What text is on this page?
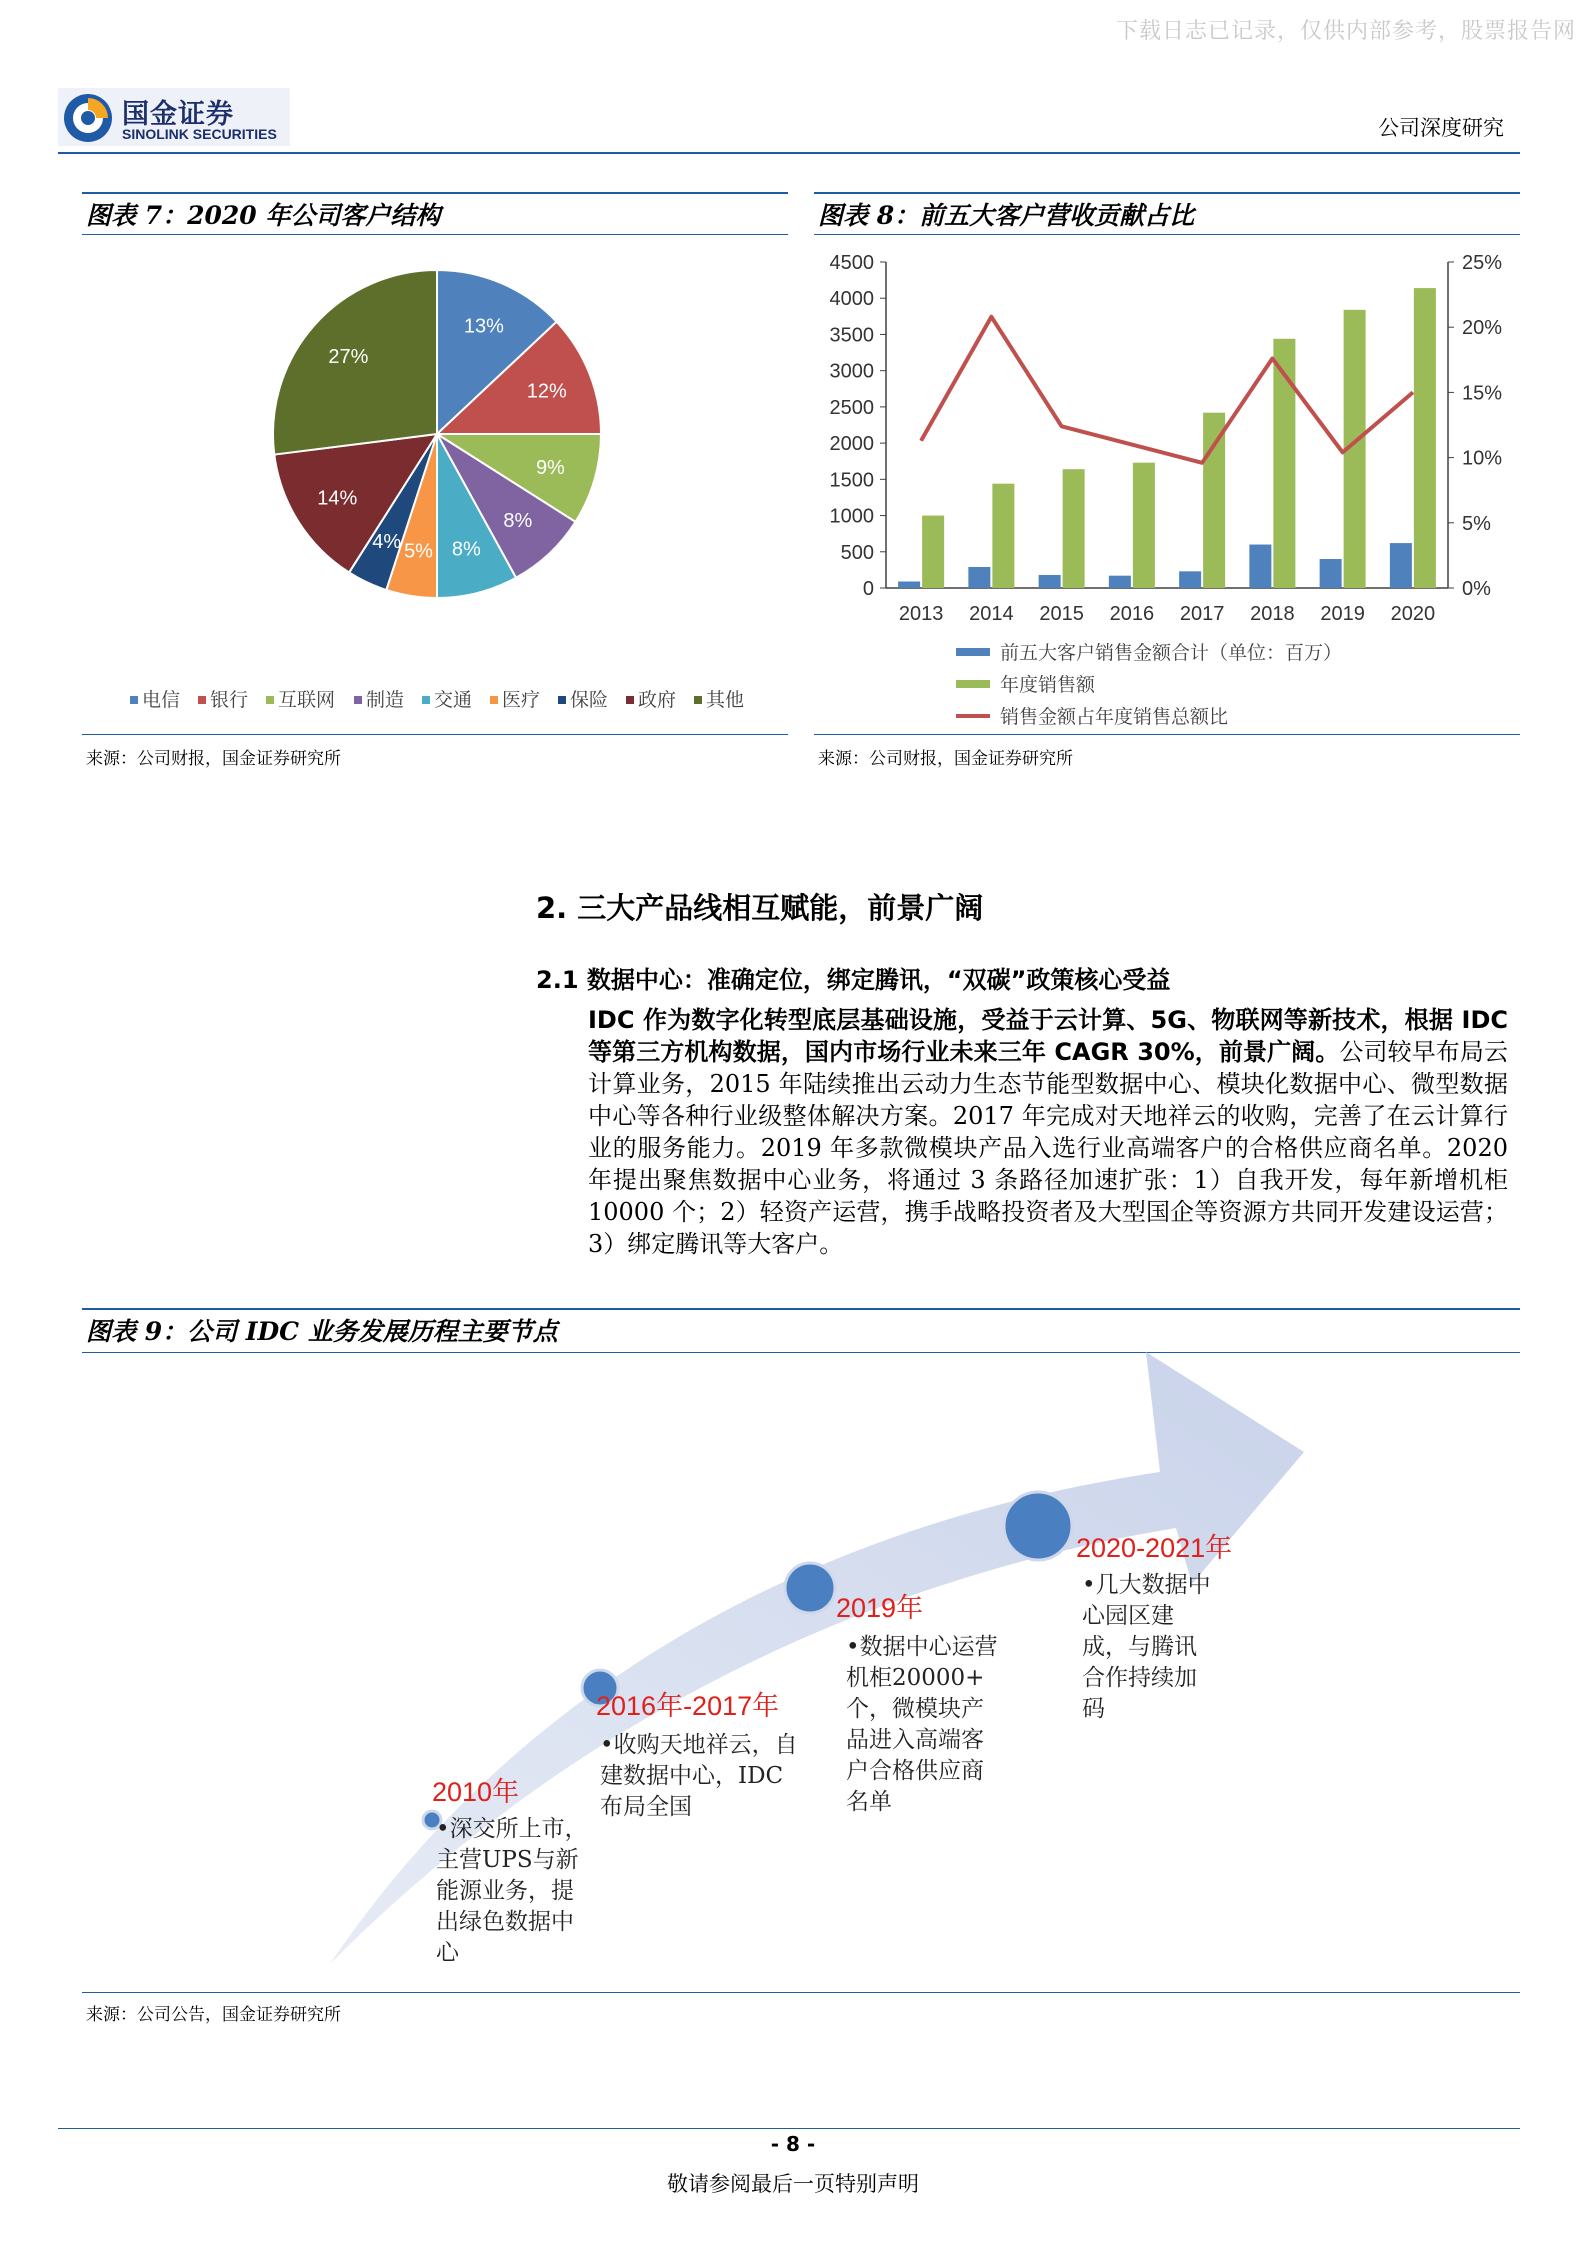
下载日志已记录，仅供内部参考，股票报告网
国金证券
SINOLINK SECURITIES	公司深度研究
图表 7：2020 年公司客户结构
13%
12%
9%
8%
8%
5%
4%
14%
27%
电信 银行 互联网 制造 交通 医疗 保险 政府 其他
来源：公司财报，国金证券研究所
图表 8：前五大客户营收贡献占比
0
500
1000
1500
2000
2500
3000
3500
4000
4500
0%
5%
10%
15%
20%
25%
2013 2014 2015 2016 2017 2018 2019 2020
前五大客户销售金额合计（单位：百万）
年度销售额
销售金额占年度销售总额比
来源：公司财报，国金证券研究所
2. 三大产品线相互赋能，前景广阔
2.1 数据中心：准确定位，绑定腾讯，“双碳”政策核心受益
IDC 作为数字化转型底层基础设施，受益于云计算、5G、物联网等新技术，根据 IDC 等第三方机构数据，国内市场行业未来三年 CAGR 30%，前景广阔。公司较早布局云计算业务，2015 年陆续推出云动力生态节能型数据中心、模块化数据中心、微型数据中心等各种行业级整体解决方案。2017 年完成对天地祥云的收购，完善了在云计算行业的服务能力。2019 年多款微模块产品入选行业高端客户的合格供应商名单。2020 年提出聚焦数据中心业务，将通过 3 条路径加速扩张：1）自我开发，每年新增机柜 10000 个；2）轻资产运营，携手战略投资者及大型国企等资源方共同开发建设运营；3）绑定腾讯等大客户。
图表 9：公司 IDC 业务发展历程主要节点
2010年
•深交所上市，
主营UPS与新
能源业务，提
出绿色数据中
心
2016年-2017年
•收购天地祥云，自
建数据中心，IDC
布局全国
2019年
•数据中心运营
机柜20000+
个，微模块产
品进入高端客
户合格供应商
名单
2020-2021年
•几大数据中
心园区建
成，与腾讯
合作持续加
码
来源：公司公告，国金证券研究所
- 8 -
敬请参阅最后一页特别声明
